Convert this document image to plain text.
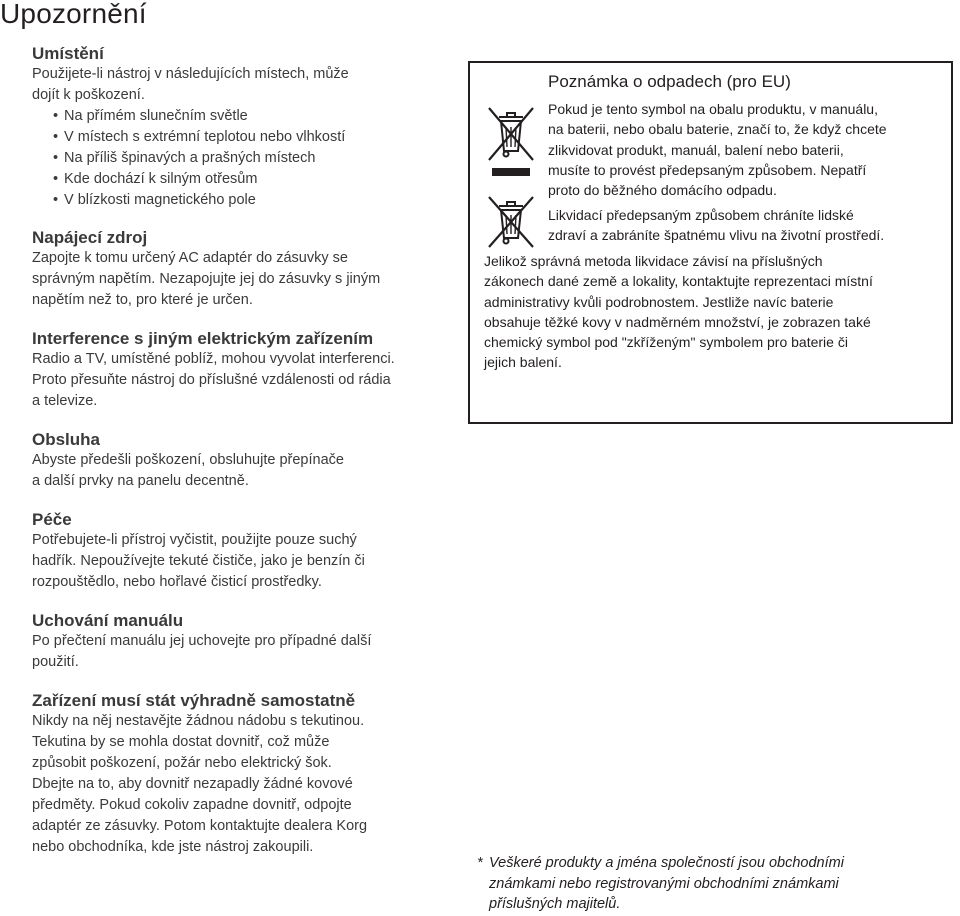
Upozornění
Umístění

Použijete-li nástroj v následujících místech, může

dojít k poškození.

• Na přímém slunečním světle
• V místech s extrémní teplotou nebo vlhkostí
• Na příliš špinavých a prašných místech
• Kde dochází k silným otřesům
• V blízkosti magnetického pole
Napájecí zdroj

Zapojte k tomu určený AC adaptér do zásuvky se

správným napětím. Nezapojujte jej do zásuvky s jiným

napětím než to, pro které je určen.

Interference s jiným elektrickým zařízením

Radio a TV, umístěné poblíž, mohou vyvolat interferenci.

Proto přesuňte nástroj do příslušné vzdálenosti od rádia

a televize.

Obsluha

Abyste předešli poškození, obsluhujte přepínače

a další prvky na panelu decentně.

Péče

Potřebujete-li přístroj vyčistit, použijte pouze suchý

hadřík. Nepoužívejte tekuté čističe, jako je benzín či

rozpouštědlo, nebo hořlavé čisticí prostředky.

Uchování manuálu

Po přečtení manuálu jej uchovejte pro případné další

použití.

Zařízení musí stát výhradně samostatně

Nikdy na něj nestavějte žádnou nádobu s tekutinou.

Tekutina by se mohla dostat dovnitř, což může

způsobit poškození, požár nebo elektrický šok.

Dbejte na to, aby dovnitř nezapadly žádné kovové

předměty. Pokud cokoliv zapadne dovnitř, odpojte

adaptér ze zásuvky. Potom kontaktujte dealera Korg

nebo obchodníka, kde jste nástroj zakoupili.

Poznámka o odpadech (pro EU)
Pokud je tento symbol na obalu produktu, v manuálu,
na baterii, nebo obalu baterie, značí to, že když chcete
zlikvidovat produkt, manuál, balení nebo baterii,
musíte to provést předepsaným způsobem. Nepatří
proto do běžného domácího odpadu.
Likvidací předepsaným způsobem chráníte lidské
zdraví a zabráníte špatnému vlivu na životní prostředí.
Jelikož správná metoda likvidace závisí na příslušných
zákonech dané země a lokality, kontaktujte reprezentaci místní
administrativy kvůli podrobnostem. Jestliže navíc baterie
obsahuje těžké kovy v nadměrném množství, je zobrazen také
chemický symbol pod "zkříženým" symbolem pro baterie či
jejich balení.
* Veškeré produkty a jména společností jsou obchodními
známkami nebo registrovanými obchodními známkami
příslušných majitelů.
